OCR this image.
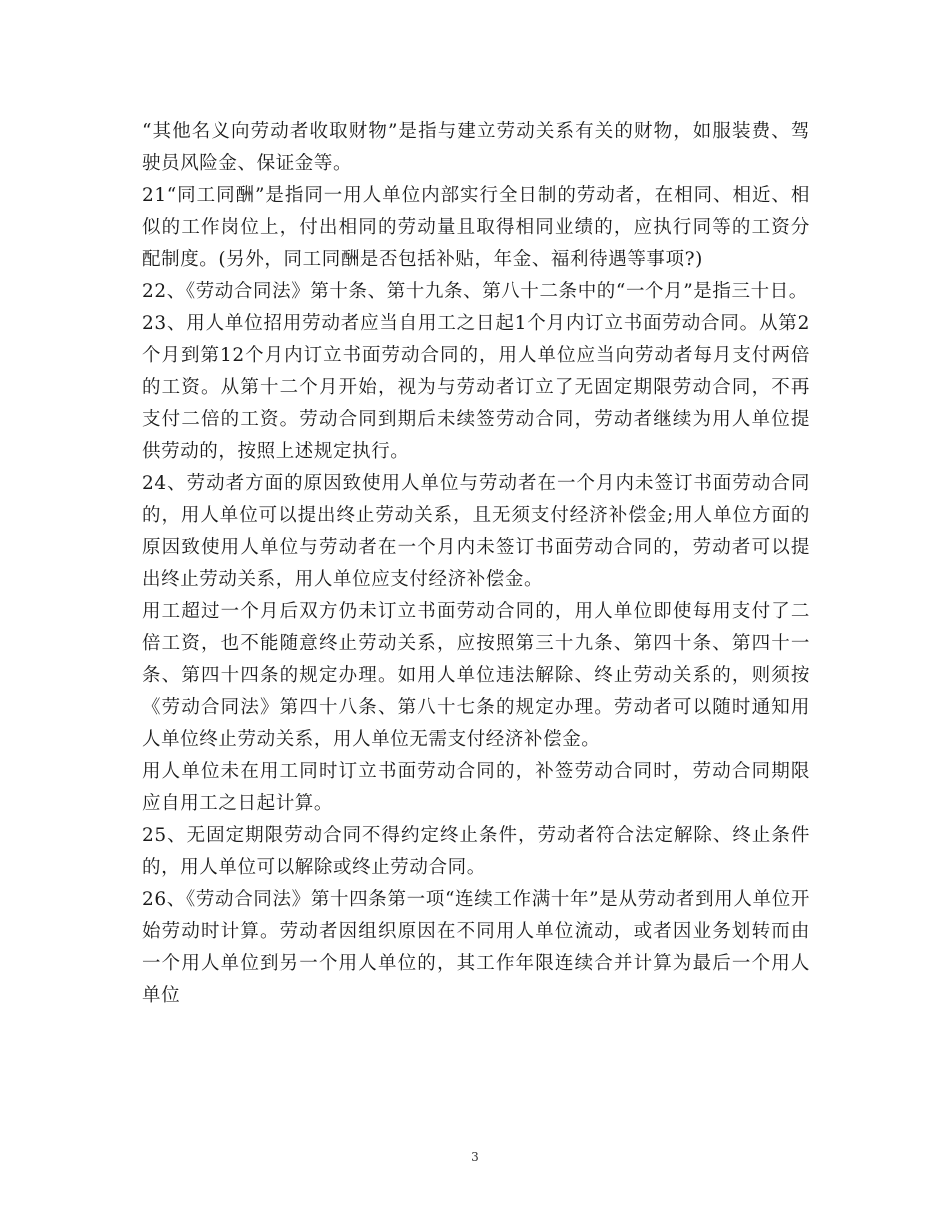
“其他名义向劳动者收取财物”是指与建立劳动关系有关的财物，如服装费、驾驶员风险金、保证金等。

21“同工同酬”是指同一用人单位内部实行全日制的劳动者，在相同、相近、相似的工作岗位上，付出相同的劳动量且取得相同业绩的，应执行同等的工资分配制度。(另外，同工同酬是否包括补贴，年金、福利待遇等事项?)

22、《劳动合同法》第十条、第十九条、第八十二条中的“一个月”是指三十日。

23、用人单位招用劳动者应当自用工之日起1个月内订立书面劳动合同。从第2个月到第12个月内订立书面劳动合同的，用人单位应当向劳动者每月支付两倍的工资。从第十二个月开始，视为与劳动者订立了无固定期限劳动合同，不再支付二倍的工资。劳动合同到期后未续签劳动合同，劳动者继续为用人单位提供劳动的，按照上述规定执行。

24、劳动者方面的原因致使用人单位与劳动者在一个月内未签订书面劳动合同的，用人单位可以提出终止劳动关系，且无须支付经济补偿金;用人单位方面的原因致使用人单位与劳动者在一个月内未签订书面劳动合同的，劳动者可以提出终止劳动关系，用人单位应支付经济补偿金。

用工超过一个月后双方仍未订立书面劳动合同的，用人单位即使每用支付了二倍工资，也不能随意终止劳动关系，应按照第三十九条、第四十条、第四十一条、第四十四条的规定办理。如用人单位违法解除、终止劳动关系的，则须按《劳动合同法》第四十八条、第八十七条的规定办理。劳动者可以随时通知用人单位终止劳动关系，用人单位无需支付经济补偿金。

用人单位未在用工同时订立书面劳动合同的，补签劳动合同时，劳动合同期限应自用工之日起计算。

25、无固定期限劳动合同不得约定终止条件，劳动者符合法定解除、终止条件的，用人单位可以解除或终止劳动合同。

26、《劳动合同法》第十四条第一项“连续工作满十年”是从劳动者到用人单位开始劳动时计算。劳动者因组织原因在不同用人单位流动，或者因业务划转而由一个用人单位到另一个用人单位的，其工作年限连续合并计算为最后一个用人单位

3
